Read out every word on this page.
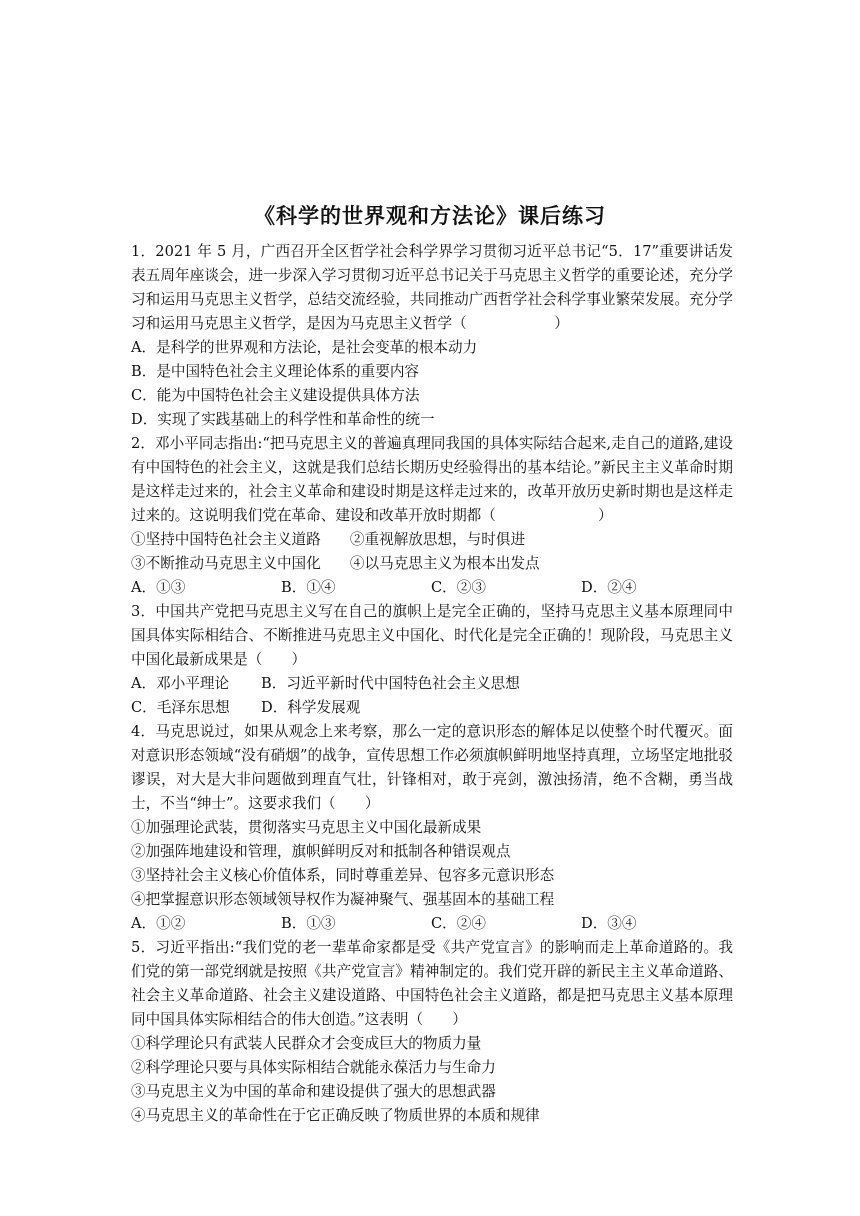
《科学的世界观和方法论》课后练习

1．2021 年 5 月，广西召开全区哲学社会科学界学习贯彻习近平总书记“5．17”重要讲话发表五周年座谈会，进一步深入学习贯彻习近平总书记关于马克思主义哲学的重要论述，充分学习和运用马克思主义哲学，总结交流经验，共同推动广西哲学社会科学事业繁荣发展。充分学习和运用马克思主义哲学，是因为马克思主义哲学（　　　　　　）

A．是科学的世界观和方法论，是社会变革的根本动力

B．是中国特色社会主义理论体系的重要内容

C．能为中国特色社会主义建设提供具体方法

D．实现了实践基础上的科学性和革命性的统一

2．邓小平同志指出:“把马克思主义的普遍真理同我国的具体实际结合起来,走自己的道路,建设有中国特色的社会主义，这就是我们总结长期历史经验得出的基本结论。”新民主主义革命时期是这样走过来的，社会主义革命和建设时期是这样走过来的，改革开放历史新时期也是这样走过来的。这说明我们党在革命、建设和改革开放时期都（　　　　　　　）

①坚持中国特色社会主义道路　　②重视解放思想，与时俱进

③不断推动马克思主义中国化　　④以马克思主义为根本出发点

A．①③	B．①④	C．②③	D．②④

3．中国共产党把马克思主义写在自己的旗帜上是完全正确的，坚持马克思主义基本原理同中国具体实际相结合、不断推进马克思主义中国化、时代化是完全正确的！现阶段，马克思主义中国化最新成果是（　　）

A．邓小平理论	B．习近平新时代中国特色社会主义思想
C．毛泽东思想	D．科学发展观

4．马克思说过，如果从观念上来考察，那么一定的意识形态的解体足以使整个时代覆灭。面对意识形态领域“没有硝烟”的战争，宣传思想工作必须旗帜鲜明地坚持真理，立场坚定地批驳谬误，对大是大非问题做到理直气壮，针锋相对，敢于亮剑，激浊扬清，绝不含糊，勇当战士，不当“绅士”。这要求我们（　　）

①加强理论武装，贯彻落实马克思主义中国化最新成果

②加强阵地建设和管理，旗帜鲜明反对和抵制各种错误观点

③坚持社会主义核心价值体系，同时尊重差异、包容多元意识形态

④把掌握意识形态领域领导权作为凝神聚气、强基固本的基础工程

A．①②	B．①③	C．②④	D．③④

5．习近平指出:“我们党的老一辈革命家都是受《共产党宣言》的影响而走上革命道路的。我们党的第一部党纲就是按照《共产党宣言》精神制定的。我们党开辟的新民主主义革命道路、社会主义革命道路、社会主义建设道路、中国特色社会主义道路，都是把马克思主义基本原理同中国具体实际相结合的伟大创造。”这表明（　　）

①科学理论只有武装人民群众才会变成巨大的物质力量

②科学理论只要与具体实际相结合就能永葆活力与生命力

③马克思主义为中国的革命和建设提供了强大的思想武器

④马克思主义的革命性在于它正确反映了物质世界的本质和规律
